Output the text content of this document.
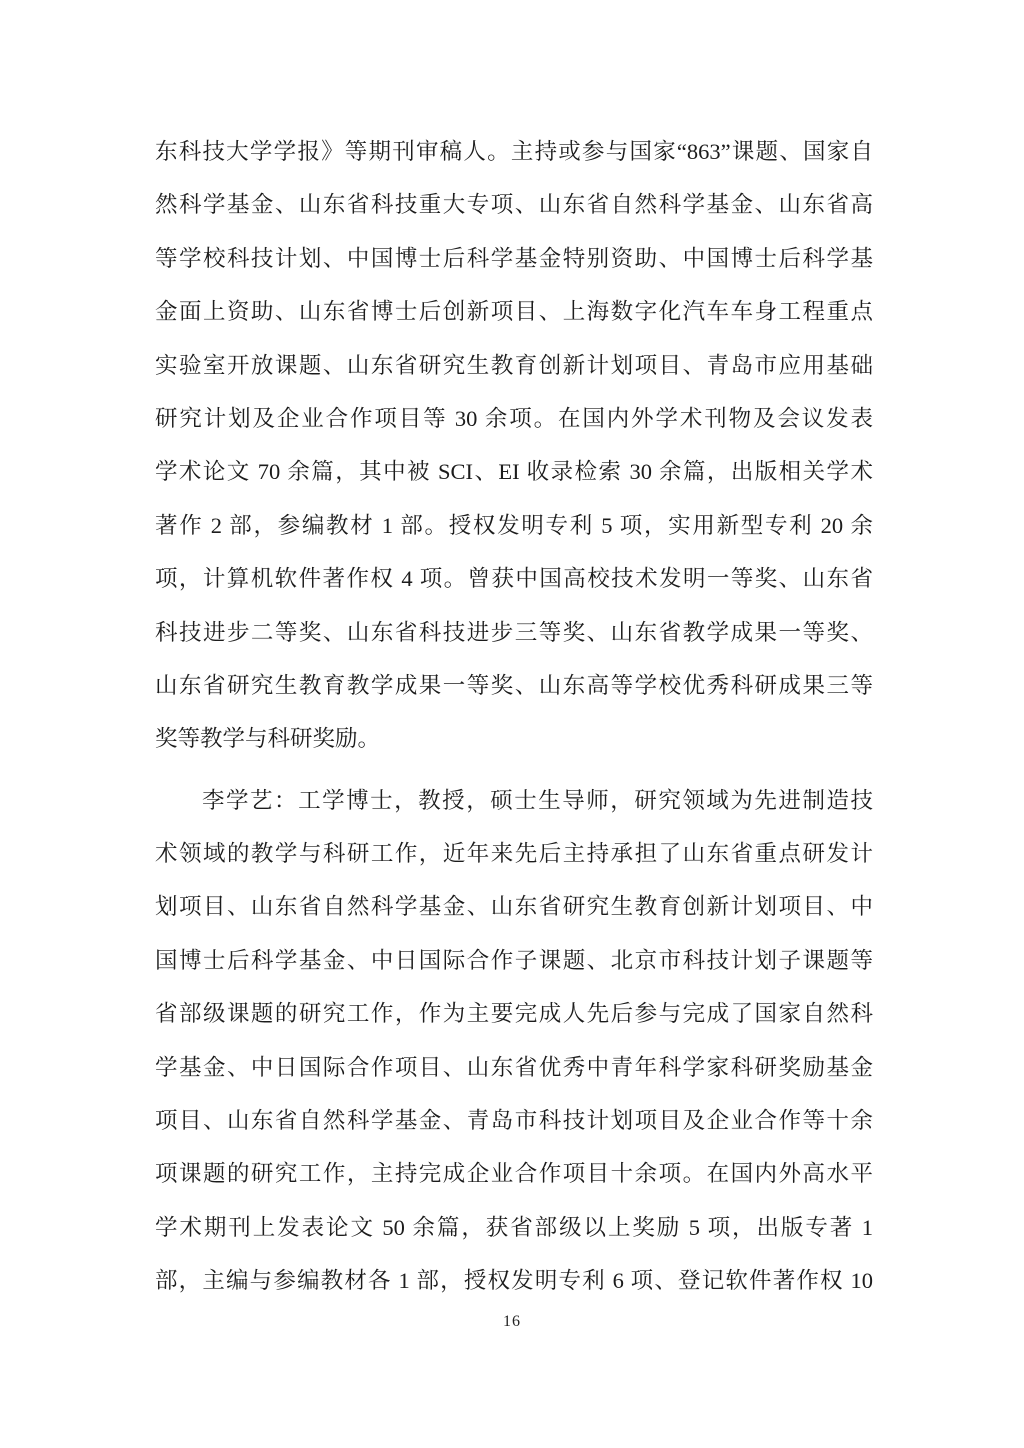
东科技大学学报》等期刊审稿人。主持或参与国家“863”课题、国家自
然科学基金、山东省科技重大专项、山东省自然科学基金、山东省高
等学校科技计划、中国博士后科学基金特别资助、中国博士后科学基
金面上资助、山东省博士后创新项目、上海数字化汽车车身工程重点
实验室开放课题、山东省研究生教育创新计划项目、青岛市应用基础
研究计划及企业合作项目等 30 余项。在国内外学术刊物及会议发表
学术论文 70 余篇，其中被 SCI、EI 收录检索 30 余篇，出版相关学术
著作 2 部，参编教材 1 部。授权发明专利 5 项，实用新型专利 20 余
项，计算机软件著作权 4 项。曾获中国高校技术发明一等奖、山东省
科技进步二等奖、山东省科技进步三等奖、山东省教学成果一等奖、
山东省研究生教育教学成果一等奖、山东高等学校优秀科研成果三等
奖等教学与科研奖励。
李学艺：工学博士，教授，硕士生导师，研究领域为先进制造技
术领域的教学与科研工作，近年来先后主持承担了山东省重点研发计
划项目、山东省自然科学基金、山东省研究生教育创新计划项目、中
国博士后科学基金、中日国际合作子课题、北京市科技计划子课题等
省部级课题的研究工作，作为主要完成人先后参与完成了国家自然科
学基金、中日国际合作项目、山东省优秀中青年科学家科研奖励基金
项目、山东省自然科学基金、青岛市科技计划项目及企业合作等十余
项课题的研究工作，主持完成企业合作项目十余项。在国内外高水平
学术期刊上发表论文 50 余篇，获省部级以上奖励 5 项，出版专著 1
部，主编与参编教材各 1 部，授权发明专利 6 项、登记软件著作权 10
16
